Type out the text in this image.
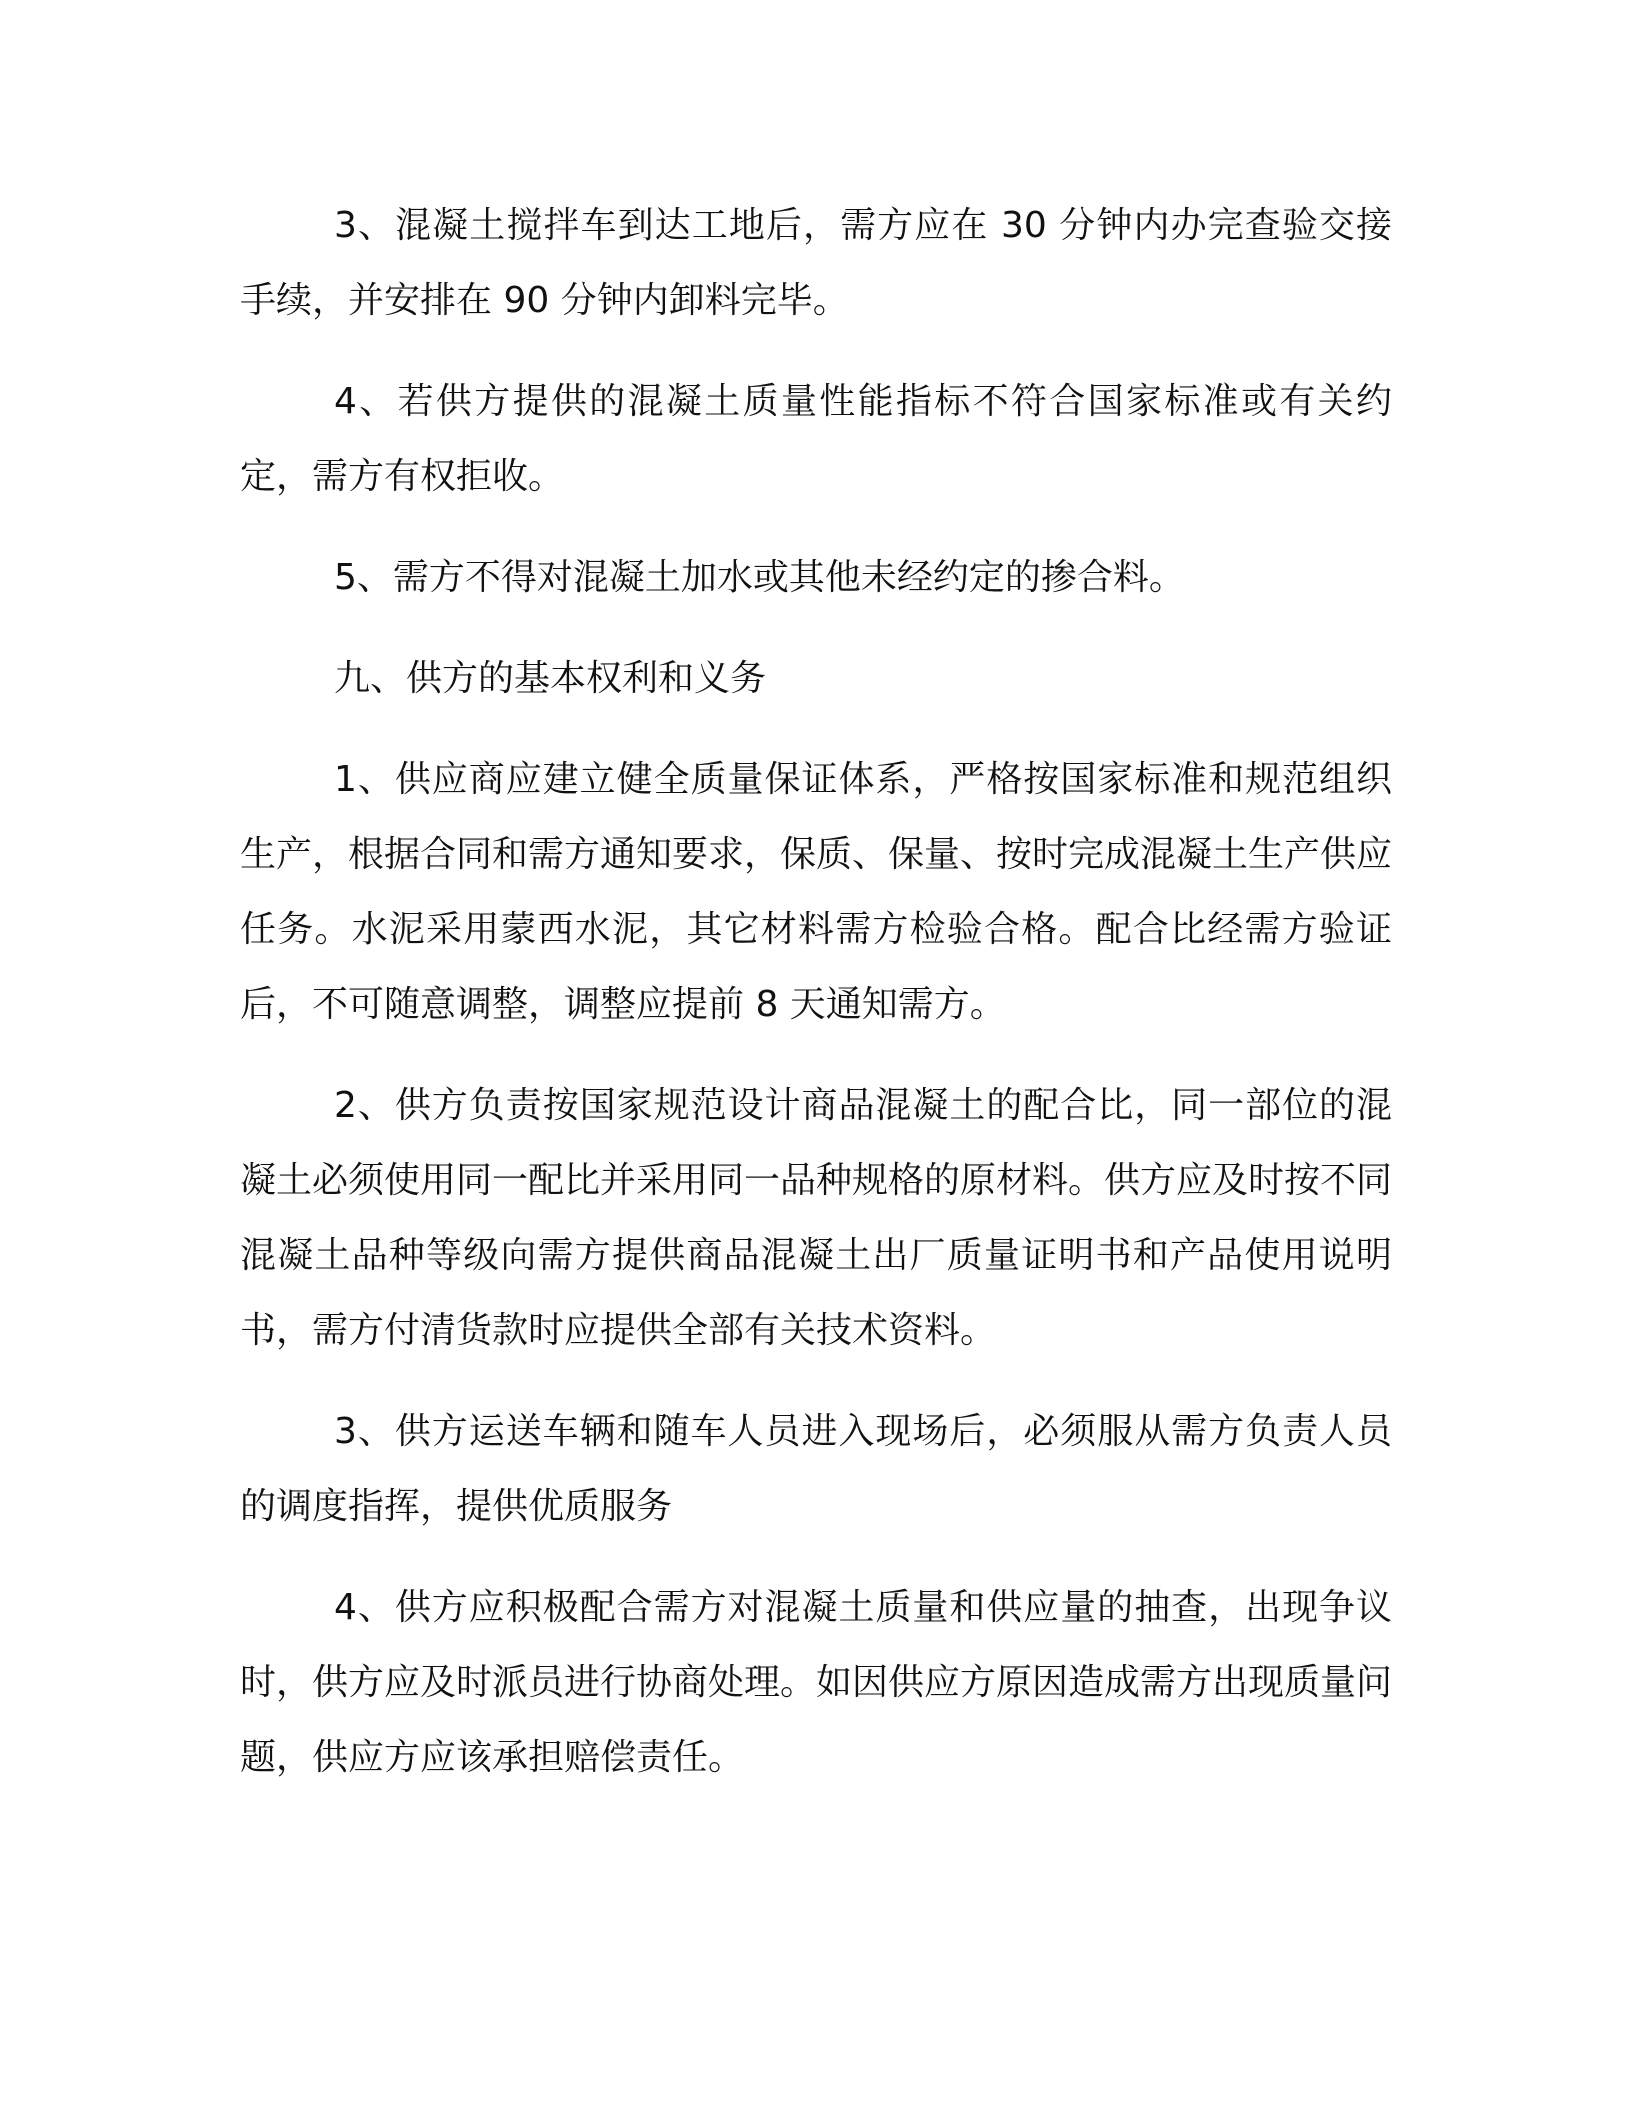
3、混凝土搅拌车到达工地后，需方应在 30 分钟内办完查验交接手续，并安排在 90 分钟内卸料完毕。

4、若供方提供的混凝土质量性能指标不符合国家标准或有关约定，需方有权拒收。

5、需方不得对混凝土加水或其他未经约定的掺合料。

九、供方的基本权利和义务

1、供应商应建立健全质量保证体系，严格按国家标准和规范组织生产，根据合同和需方通知要求，保质、保量、按时完成混凝土生产供应任务。水泥采用蒙西水泥，其它材料需方检验合格。配合比经需方验证后，不可随意调整，调整应提前 8 天通知需方。

2、供方负责按国家规范设计商品混凝土的配合比，同一部位的混凝土必须使用同一配比并采用同一品种规格的原材料。供方应及时按不同混凝土品种等级向需方提供商品混凝土出厂质量证明书和产品使用说明书，需方付清货款时应提供全部有关技术资料。

3、供方运送车辆和随车人员进入现场后，必须服从需方负责人员的调度指挥，提供优质服务

4、供方应积极配合需方对混凝土质量和供应量的抽查，出现争议时，供方应及时派员进行协商处理。如因供应方原因造成需方出现质量问题，供应方应该承担赔偿责任。
